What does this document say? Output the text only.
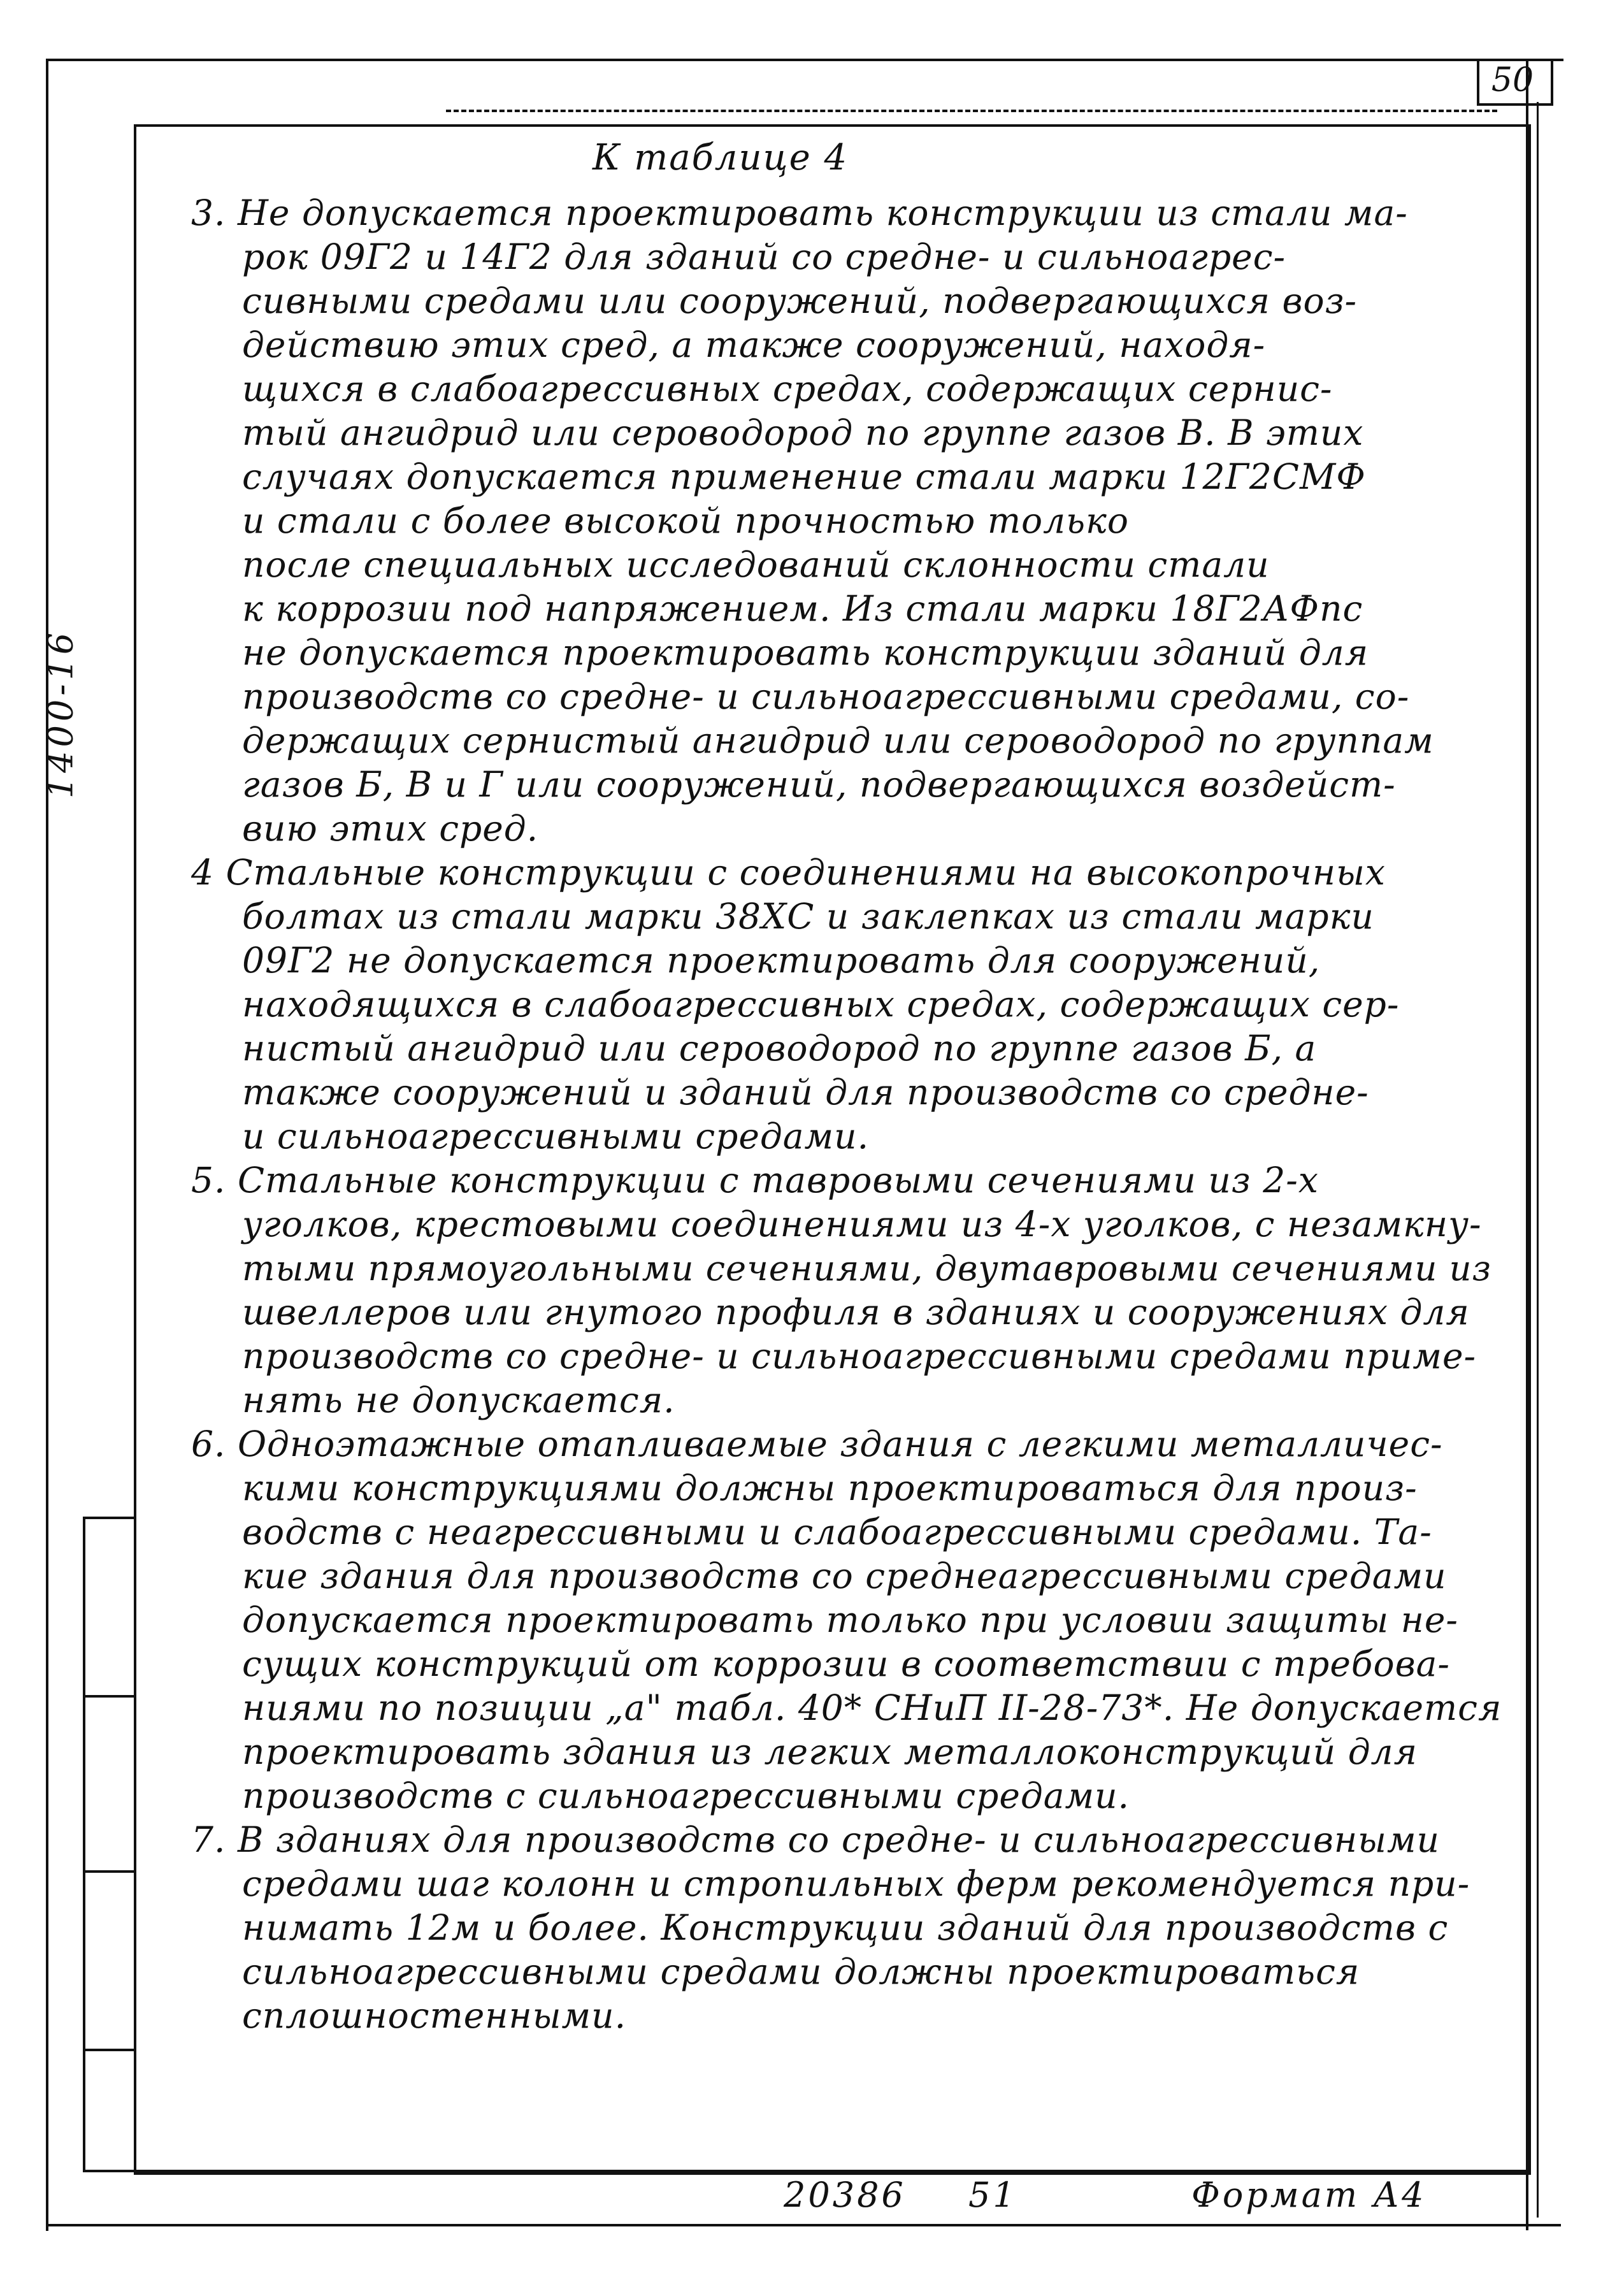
50
1400-16
К таблице 4

3. Не допускается проектировать конструкции из стали ма-
рок 09Г2 и 14Г2 для зданий со средне- и сильноагрес-
сивными средами или сооружений, подвергающихся воз-
действию этих сред, а также сооружений, находя-
щихся в слабоагрессивных средах, содержащих сернис-
тый ангидрид или сероводород по группе газов В. В этих
случаях допускается применение стали марки 12Г2СМФ
и стали с более высокой прочностью только
после специальных исследований склонности стали
к коррозии под напряжением. Из стали марки 18Г2АФпс
не допускается проектировать конструкции зданий для
производств со средне- и сильноагрессивными средами, со-
держащих сернистый ангидрид или сероводород по группам
газов Б, В и Г или сооружений, подвергающихся воздейст-
вию этих сред.

4 Стальные конструкции с соединениями на высокопрочных
болтах из стали марки 38ХС и заклепках из стали марки
09Г2 не допускается проектировать для сооружений,
находящихся в слабоагрессивных средах, содержащих сер-
нистый ангидрид или сероводород по группе газов Б, а
также сооружений и зданий для производств со средне-
и сильноагрессивными средами.

5. Стальные конструкции с тавровыми сечениями из 2-х
уголков, крестовыми соединениями из 4-х уголков, с незамкну-
тыми прямоугольными сечениями, двутавровыми сечениями из
швеллеров или гнутого профиля в зданиях и сооружениях для
производств со средне- и сильноагрессивными средами приме-
нять не допускается.

6. Одноэтажные отапливаемые здания с легкими металличес-
кими конструкциями должны проектироваться для произ-
водств с неагрессивными и слабоагрессивными средами. Та-
кие здания для производств со среднеагрессивными средами
допускается проектировать только при условии защиты не-
сущих конструкций от коррозии в соответствии с требова-
ниями по позиции „а" табл. 40* СНиП II-28-73*. Не допускается
проектировать здания из легких металлоконструкций для
производств с сильноагрессивными средами.

7. В зданиях для производств со средне- и сильноагрессивными
средами шаг колонн и стропильных ферм рекомендуется при-
нимать 12м и более. Конструкции зданий для производств с
сильноагрессивными средами должны проектироваться
сплошностенными.

20386 51	Формат А4
